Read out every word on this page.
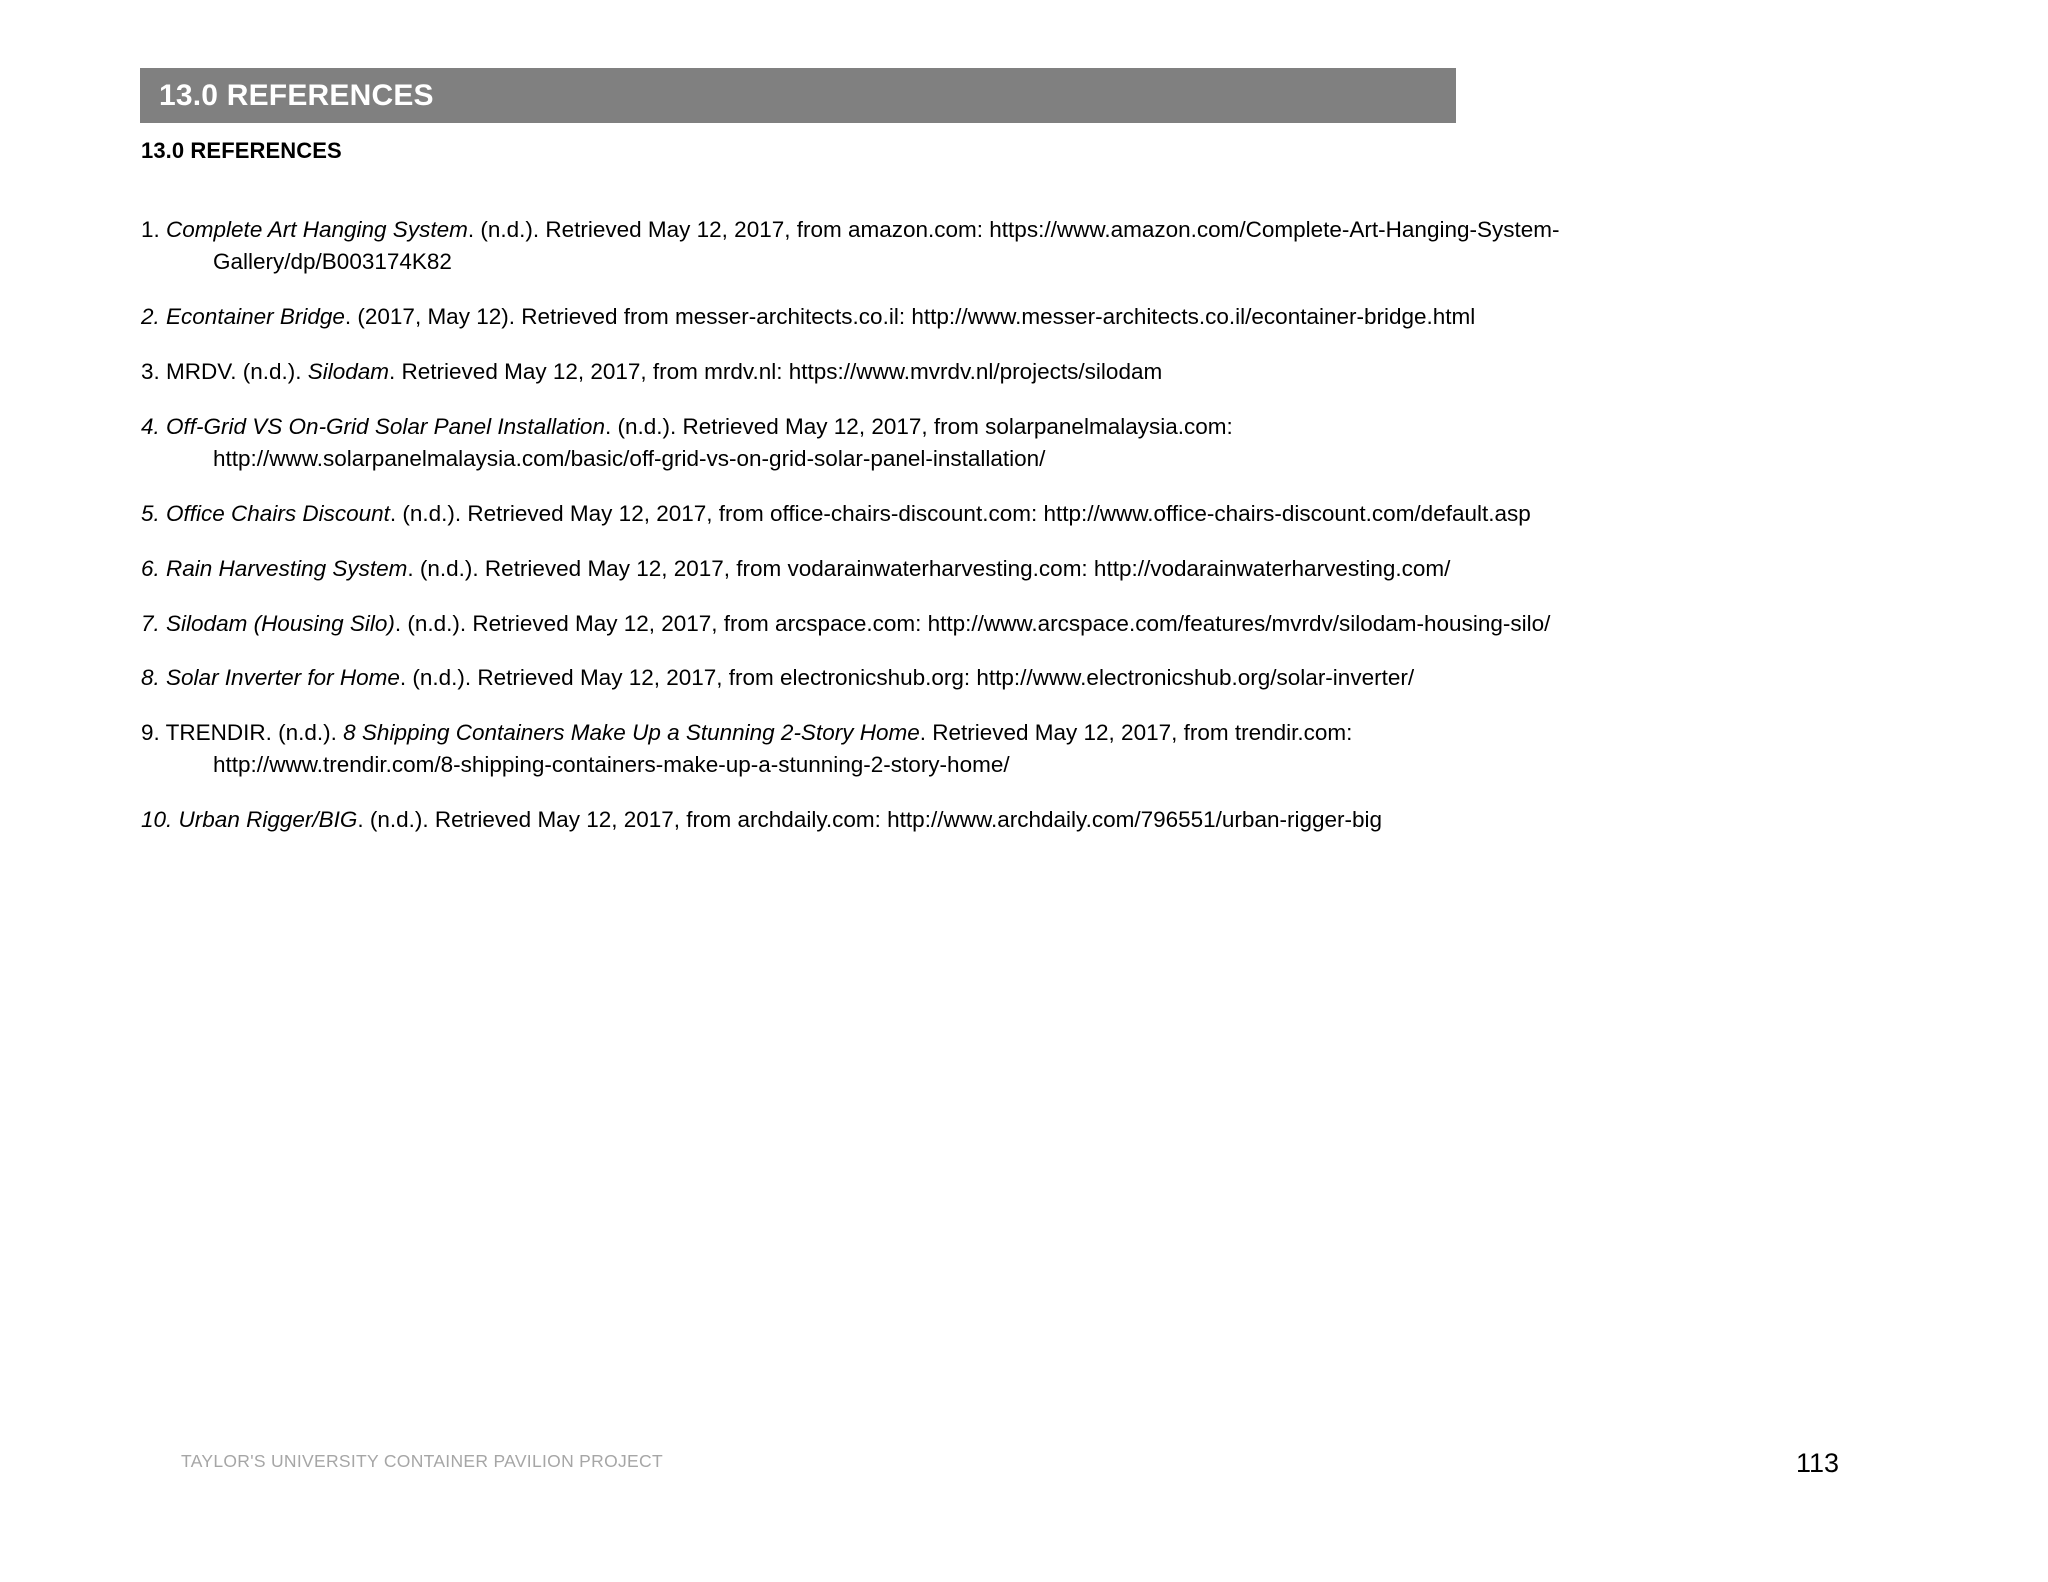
13.0 REFERENCES
13.0 REFERENCES
1. Complete Art Hanging System. (n.d.). Retrieved May 12, 2017, from amazon.com: https://www.amazon.com/Complete-Art-Hanging-System-
Gallery/dp/B003174K82
2. Econtainer Bridge. (2017, May 12). Retrieved from messer-architects.co.il: http://www.messer-architects.co.il/econtainer-bridge.html
3. MRDV. (n.d.). Silodam. Retrieved May 12, 2017, from mrdv.nl: https://www.mvrdv.nl/projects/silodam
4. Off-Grid VS On-Grid Solar Panel Installation. (n.d.). Retrieved May 12, 2017, from solarpanelmalaysia.com:
http://www.solarpanelmalaysia.com/basic/off-grid-vs-on-grid-solar-panel-installation/
5. Office Chairs Discount. (n.d.). Retrieved May 12, 2017, from office-chairs-discount.com: http://www.office-chairs-discount.com/default.asp
6. Rain Harvesting System. (n.d.). Retrieved May 12, 2017, from vodarainwaterharvesting.com: http://vodarainwaterharvesting.com/
7. Silodam (Housing Silo). (n.d.). Retrieved May 12, 2017, from arcspace.com: http://www.arcspace.com/features/mvrdv/silodam-housing-silo/
8. Solar Inverter for Home. (n.d.). Retrieved May 12, 2017, from electronicshub.org: http://www.electronicshub.org/solar-inverter/
9. TRENDIR. (n.d.). 8 Shipping Containers Make Up a Stunning 2-Story Home. Retrieved May 12, 2017, from trendir.com:
http://www.trendir.com/8-shipping-containers-make-up-a-stunning-2-story-home/
10. Urban Rigger/BIG. (n.d.). Retrieved May 12, 2017, from archdaily.com: http://www.archdaily.com/796551/urban-rigger-big
TAYLOR'S UNIVERSITY CONTAINER PAVILION PROJECT	113
